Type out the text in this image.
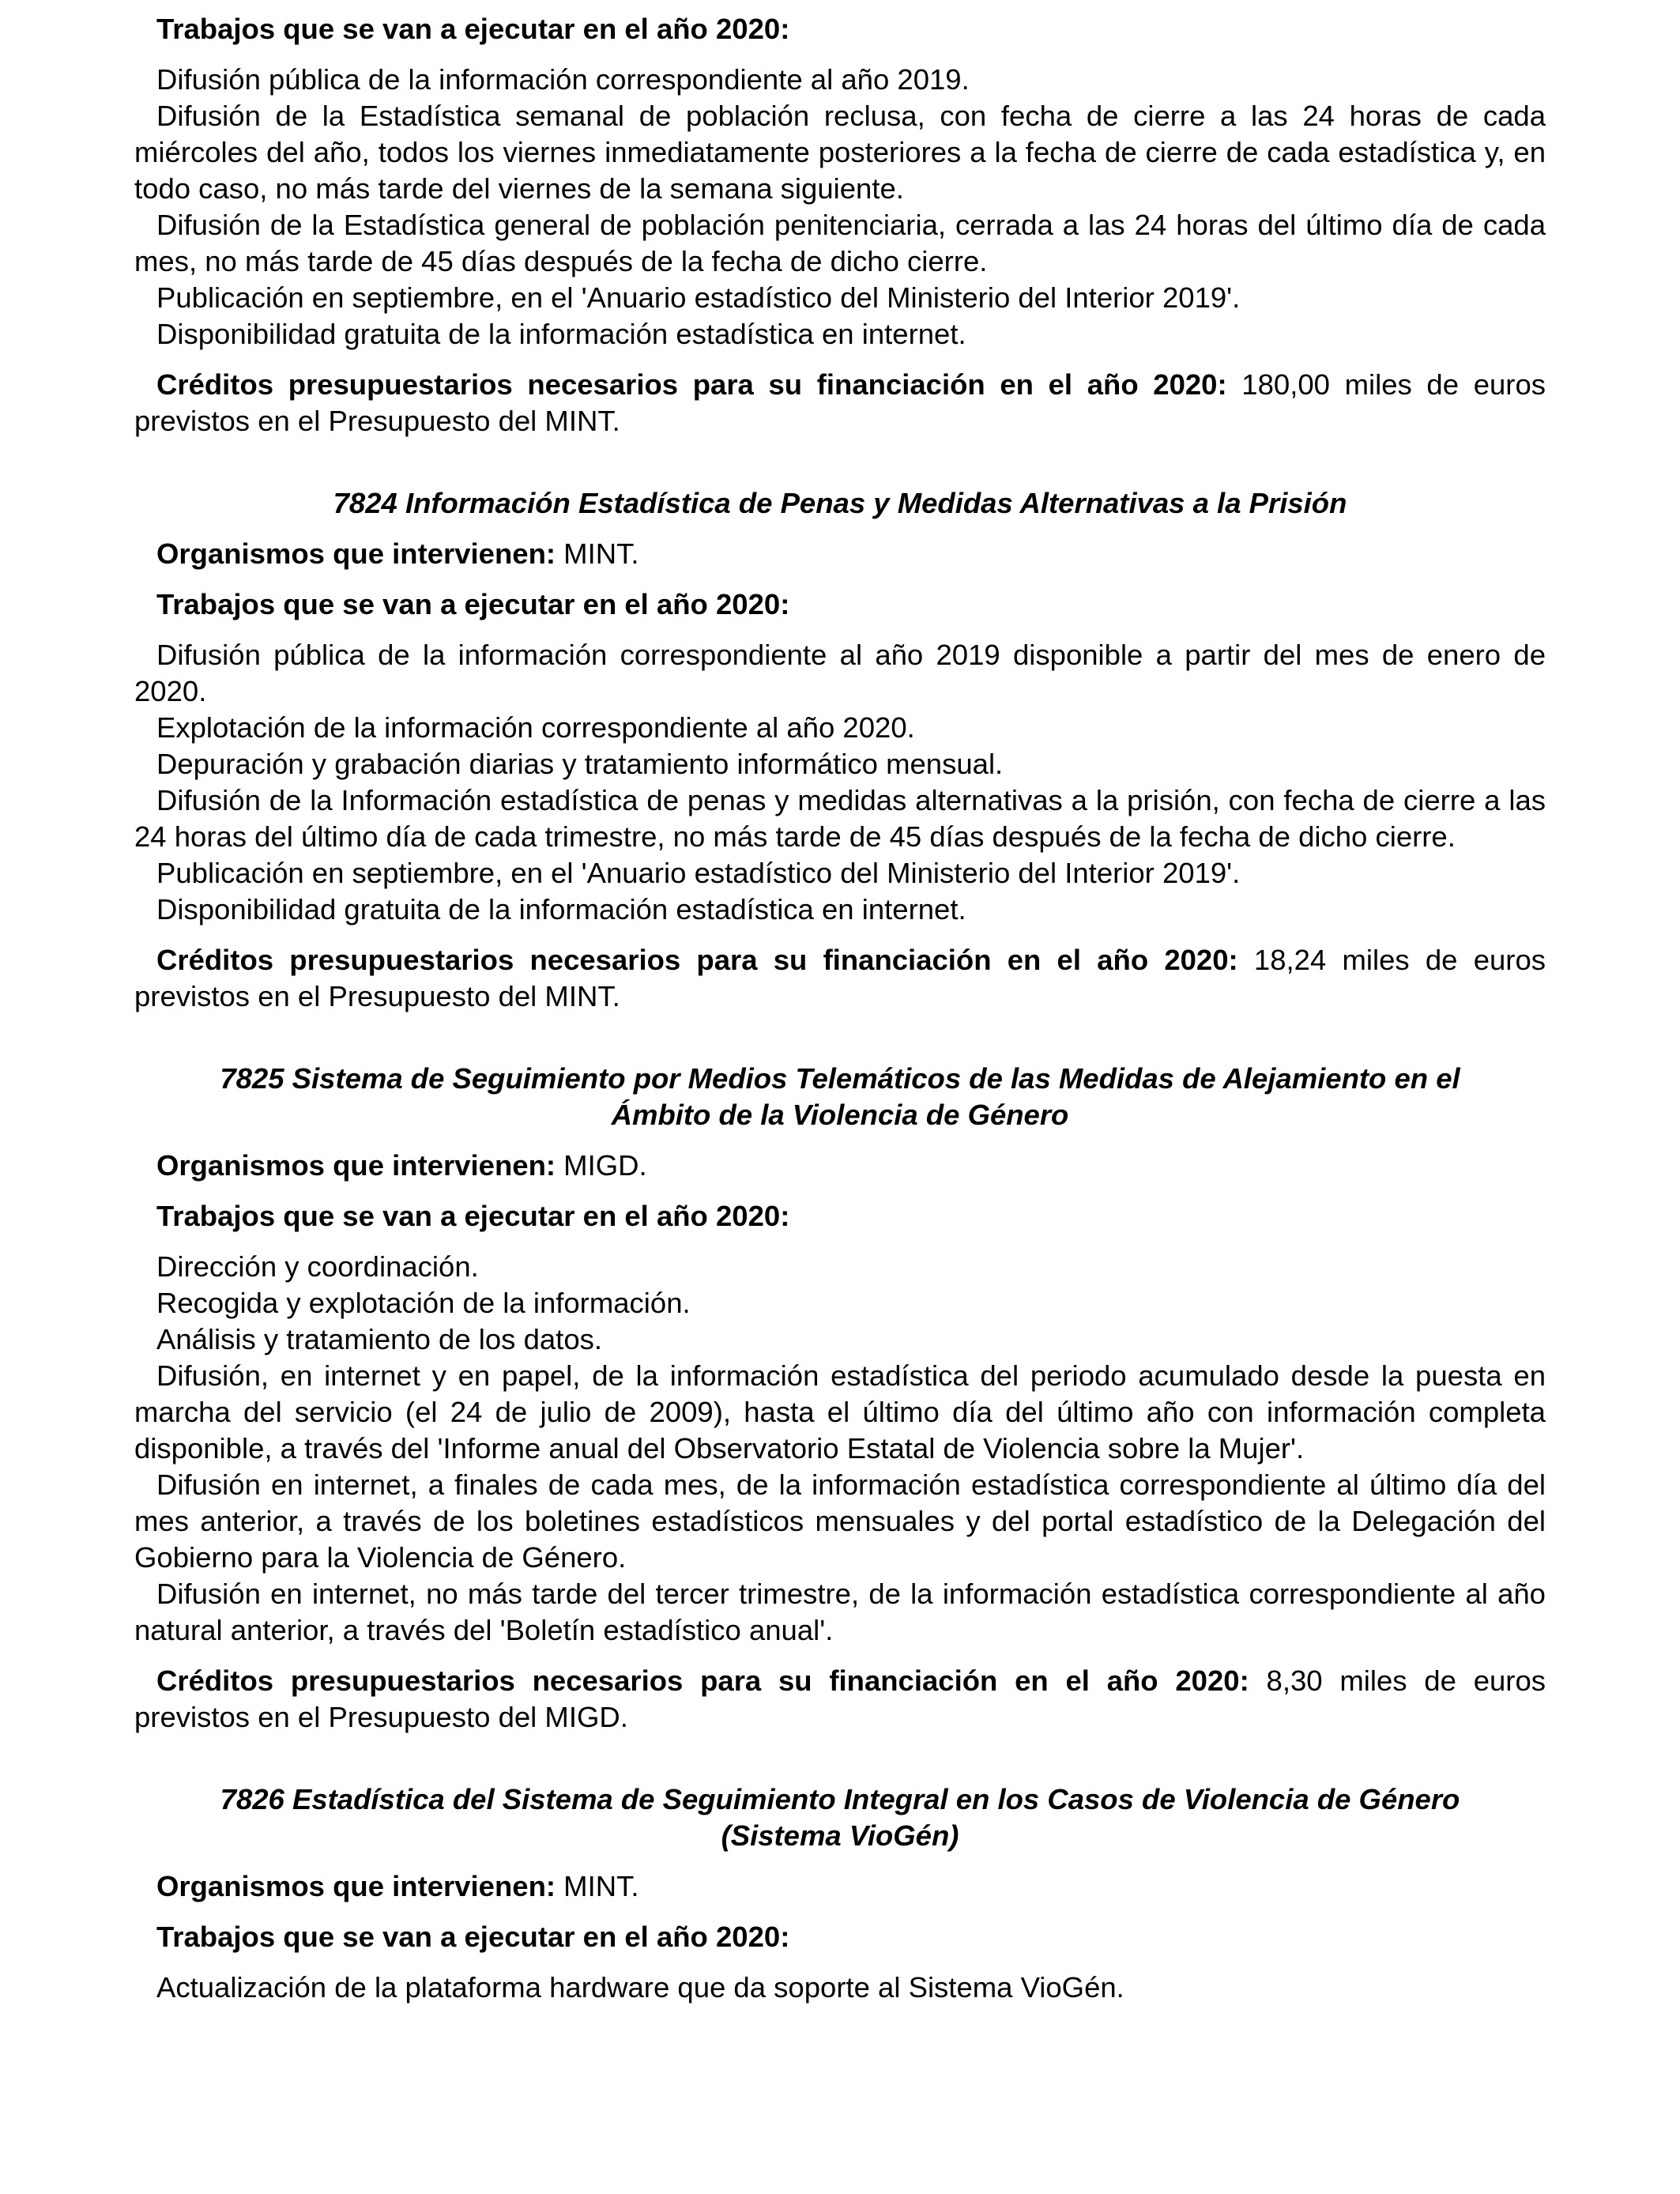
Trabajos que se van a ejecutar en el año 2020:

Difusión pública de la información correspondiente al año 2019.

Difusión de la Estadística semanal de población reclusa, con fecha de cierre a las 24 horas de cada miércoles del año, todos los viernes inmediatamente posteriores a la fecha de cierre de cada estadística y, en todo caso, no más tarde del viernes de la semana siguiente.

Difusión de la Estadística general de población penitenciaria, cerrada a las 24 horas del último día de cada mes, no más tarde de 45 días después de la fecha de dicho cierre.

Publicación en septiembre, en el 'Anuario estadístico del Ministerio del Interior 2019'.

Disponibilidad gratuita de la información estadística en internet.

Créditos presupuestarios necesarios para su financiación en el año 2020: 180,00 miles de euros previstos en el Presupuesto del MINT.

7824 Información Estadística de Penas y Medidas Alternativas a la Prisión

Organismos que intervienen: MINT.

Trabajos que se van a ejecutar en el año 2020:

Difusión pública de la información correspondiente al año 2019 disponible a partir del mes de enero de 2020.

Explotación de la información correspondiente al año 2020.

Depuración y grabación diarias y tratamiento informático mensual.

Difusión de la Información estadística de penas y medidas alternativas a la prisión, con fecha de cierre a las 24 horas del último día de cada trimestre, no más tarde de 45 días después de la fecha de dicho cierre.

Publicación en septiembre, en el 'Anuario estadístico del Ministerio del Interior 2019'.

Disponibilidad gratuita de la información estadística en internet.

Créditos presupuestarios necesarios para su financiación en el año 2020: 18,24 miles de euros previstos en el Presupuesto del MINT.

7825 Sistema de Seguimiento por Medios Telemáticos de las Medidas de Alejamiento en el

Ámbito de la Violencia de Género

Organismos que intervienen: MIGD.

Trabajos que se van a ejecutar en el año 2020:

Dirección y coordinación.

Recogida y explotación de la información.

Análisis y tratamiento de los datos.

Difusión, en internet y en papel, de la información estadística del periodo acumulado desde la puesta en marcha del servicio (el 24 de julio de 2009), hasta el último día del último año con información completa disponible, a través del 'Informe anual del Observatorio Estatal de Violencia sobre la Mujer'.

Difusión en internet, a finales de cada mes, de la información estadística correspondiente al último día del mes anterior, a través de los boletines estadísticos mensuales y del portal estadístico de la Delegación del Gobierno para la Violencia de Género.

Difusión en internet, no más tarde del tercer trimestre, de la información estadística correspondiente al año natural anterior, a través del 'Boletín estadístico anual'.

Créditos presupuestarios necesarios para su financiación en el año 2020: 8,30 miles de euros previstos en el Presupuesto del MIGD.

7826 Estadística del Sistema de Seguimiento Integral en los Casos de Violencia de Género

(Sistema VioGén)

Organismos que intervienen: MINT.

Trabajos que se van a ejecutar en el año 2020:

Actualización de la plataforma hardware que da soporte al Sistema VioGén.
